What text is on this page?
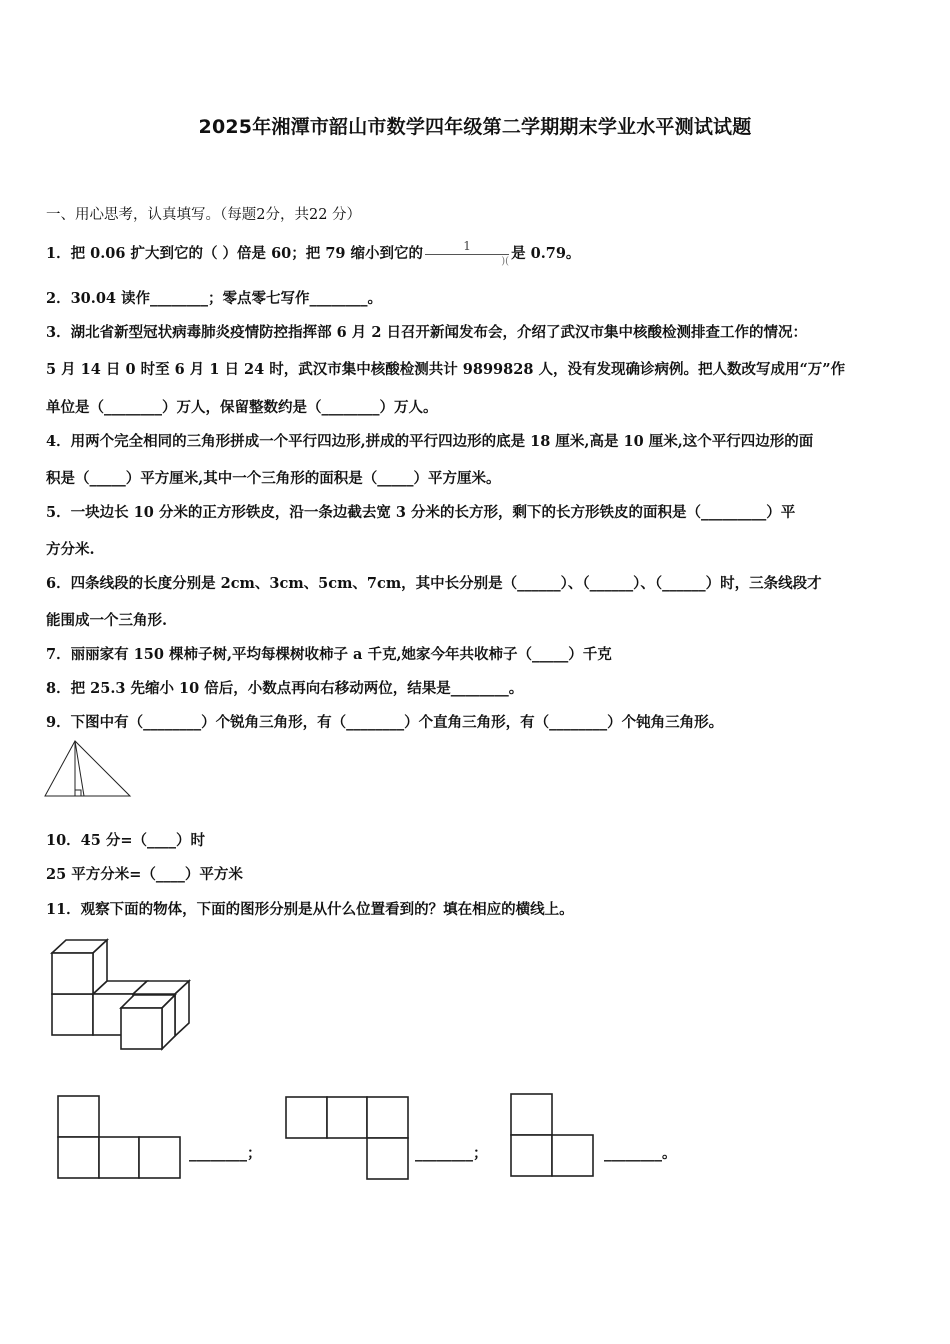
2025年湘潭市韶山市数学四年级第二学期期末学业水平测试试题
一、用心思考，认真填写。（每题2分，共22 分）
1．把 0.06 扩大到它的（ ）倍是 60；把 79 缩小到它的 1
(
) 是 0.79。
2．30.04 读作________；零点零七写作________。
3．湖北省新型冠状病毒肺炎疫情防控指挥部 6 月 2 日召开新闻发布会，介绍了武汉市集中核酸检测排查工作的情况：
5 月 14 日 0 时至 6 月 1 日 24 时，武汉市集中核酸检测共计 9899828 人，没有发现确诊病例。把人数改写成用“万”作
单位是（________）万人，保留整数约是（________）万人。
4．用两个完全相同的三角形拼成一个平行四边形,拼成的平行四边形的底是 18 厘米,高是 10 厘米,这个平行四边形的面
积是（_____）平方厘米,其中一个三角形的面积是（_____）平方厘米。
5．一块边长 10 分米的正方形铁皮，沿一条边截去宽 3 分米的长方形，剩下的长方形铁皮的面积是（_________）平
方分米.
6．四条线段的长度分别是 2cm、3cm、5cm、7cm，其中长分别是（______）、（______）、（______）时，三条线段才
能围成一个三角形.
7．丽丽家有 150 棵柿子树,平均每棵树收柿子 a 千克,她家今年共收柿子（_____）千克
8．把 25.3 先缩小 10 倍后，小数点再向右移动两位，结果是________。
9．下图中有（________）个锐角三角形，有（________）个直角三角形，有（________）个钝角三角形。
10．45 分=（____）时
25 平方分米=（____）平方米
11．观察下面的物体，下面的图形分别是从什么位置看到的？填在相应的横线上。
________；	________；	________。
